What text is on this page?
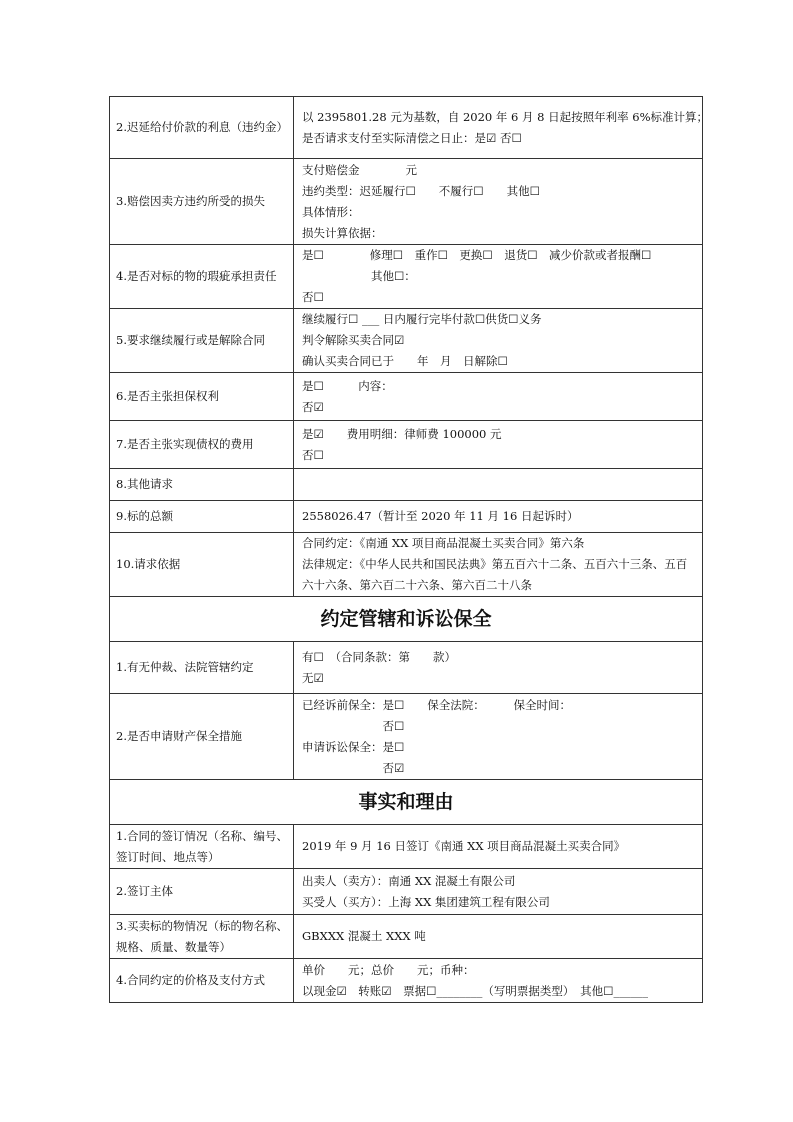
2.迟延给付价款的利息（违约金）	以 2395801.28 元为基数，自 2020 年 6 月 8 日起按照年利率 6%标准计算；
是否请求支付至实际清偿之日止：是☑ 否☐

3.赔偿因卖方违约所受的损失	支付赔偿金　　　　元
违约类型：迟延履行☐　　不履行☐　　其他☐
具体情形：
损失计算依据：

4.是否对标的物的瑕疵承担责任	是☐　　　　修理☐　重作☐　更换☐　退货☐　减少价款或者报酬☐
　　　　　　其他☐：
否☐

5.要求继续履行或是解除合同	继续履行☐ ___ 日内履行完毕付款☐供货☐义务
判令解除买卖合同☑
确认买卖合同已于　　年　月　日解除☐

6.是否主张担保权利	是☐　　　内容：
否☑

7.是否主张实现债权的费用	是☑　　费用明细：律师费 100000 元
否☐

8.其他请求	

9.标的总额	2558026.47（暂计至 2020 年 11 月 16 日起诉时）

10.请求依据	合同约定：《南通 XX 项目商品混凝土买卖合同》第六条
法律规定：《中华人民共和国民法典》第五百六十二条、五百六十三条、五百
六十六条、第六百二十六条、第六百二十八条

约定管辖和诉讼保全	
1.有无仲裁、法院管辖约定	有☐　（合同条款：第　　款）
无☑

2.是否申请财产保全措施	已经诉前保全：是☐　　保全法院：　　　保全时间：
　　　　　　　否☐
申请诉讼保全：是☐
　　　　　　　否☑

事实和理由	
1.合同的签订情况（名称、编号、签订时间、地点等）	2019 年 9 月 16 日签订《南通 XX 项目商品混凝土买卖合同》

2.签订主体	出卖人（卖方）：南通 XX 混凝土有限公司
买受人（买方）：上海 XX 集团建筑工程有限公司

3.买卖标的物情况（标的物名称、规格、质量、数量等）	GBXXX 混凝土 XXX 吨

4.合同约定的价格及支付方式	单价　　元；总价　　元；币种：
以现金☑　转账☑　票据☐________（写明票据类型）　其他☐______
